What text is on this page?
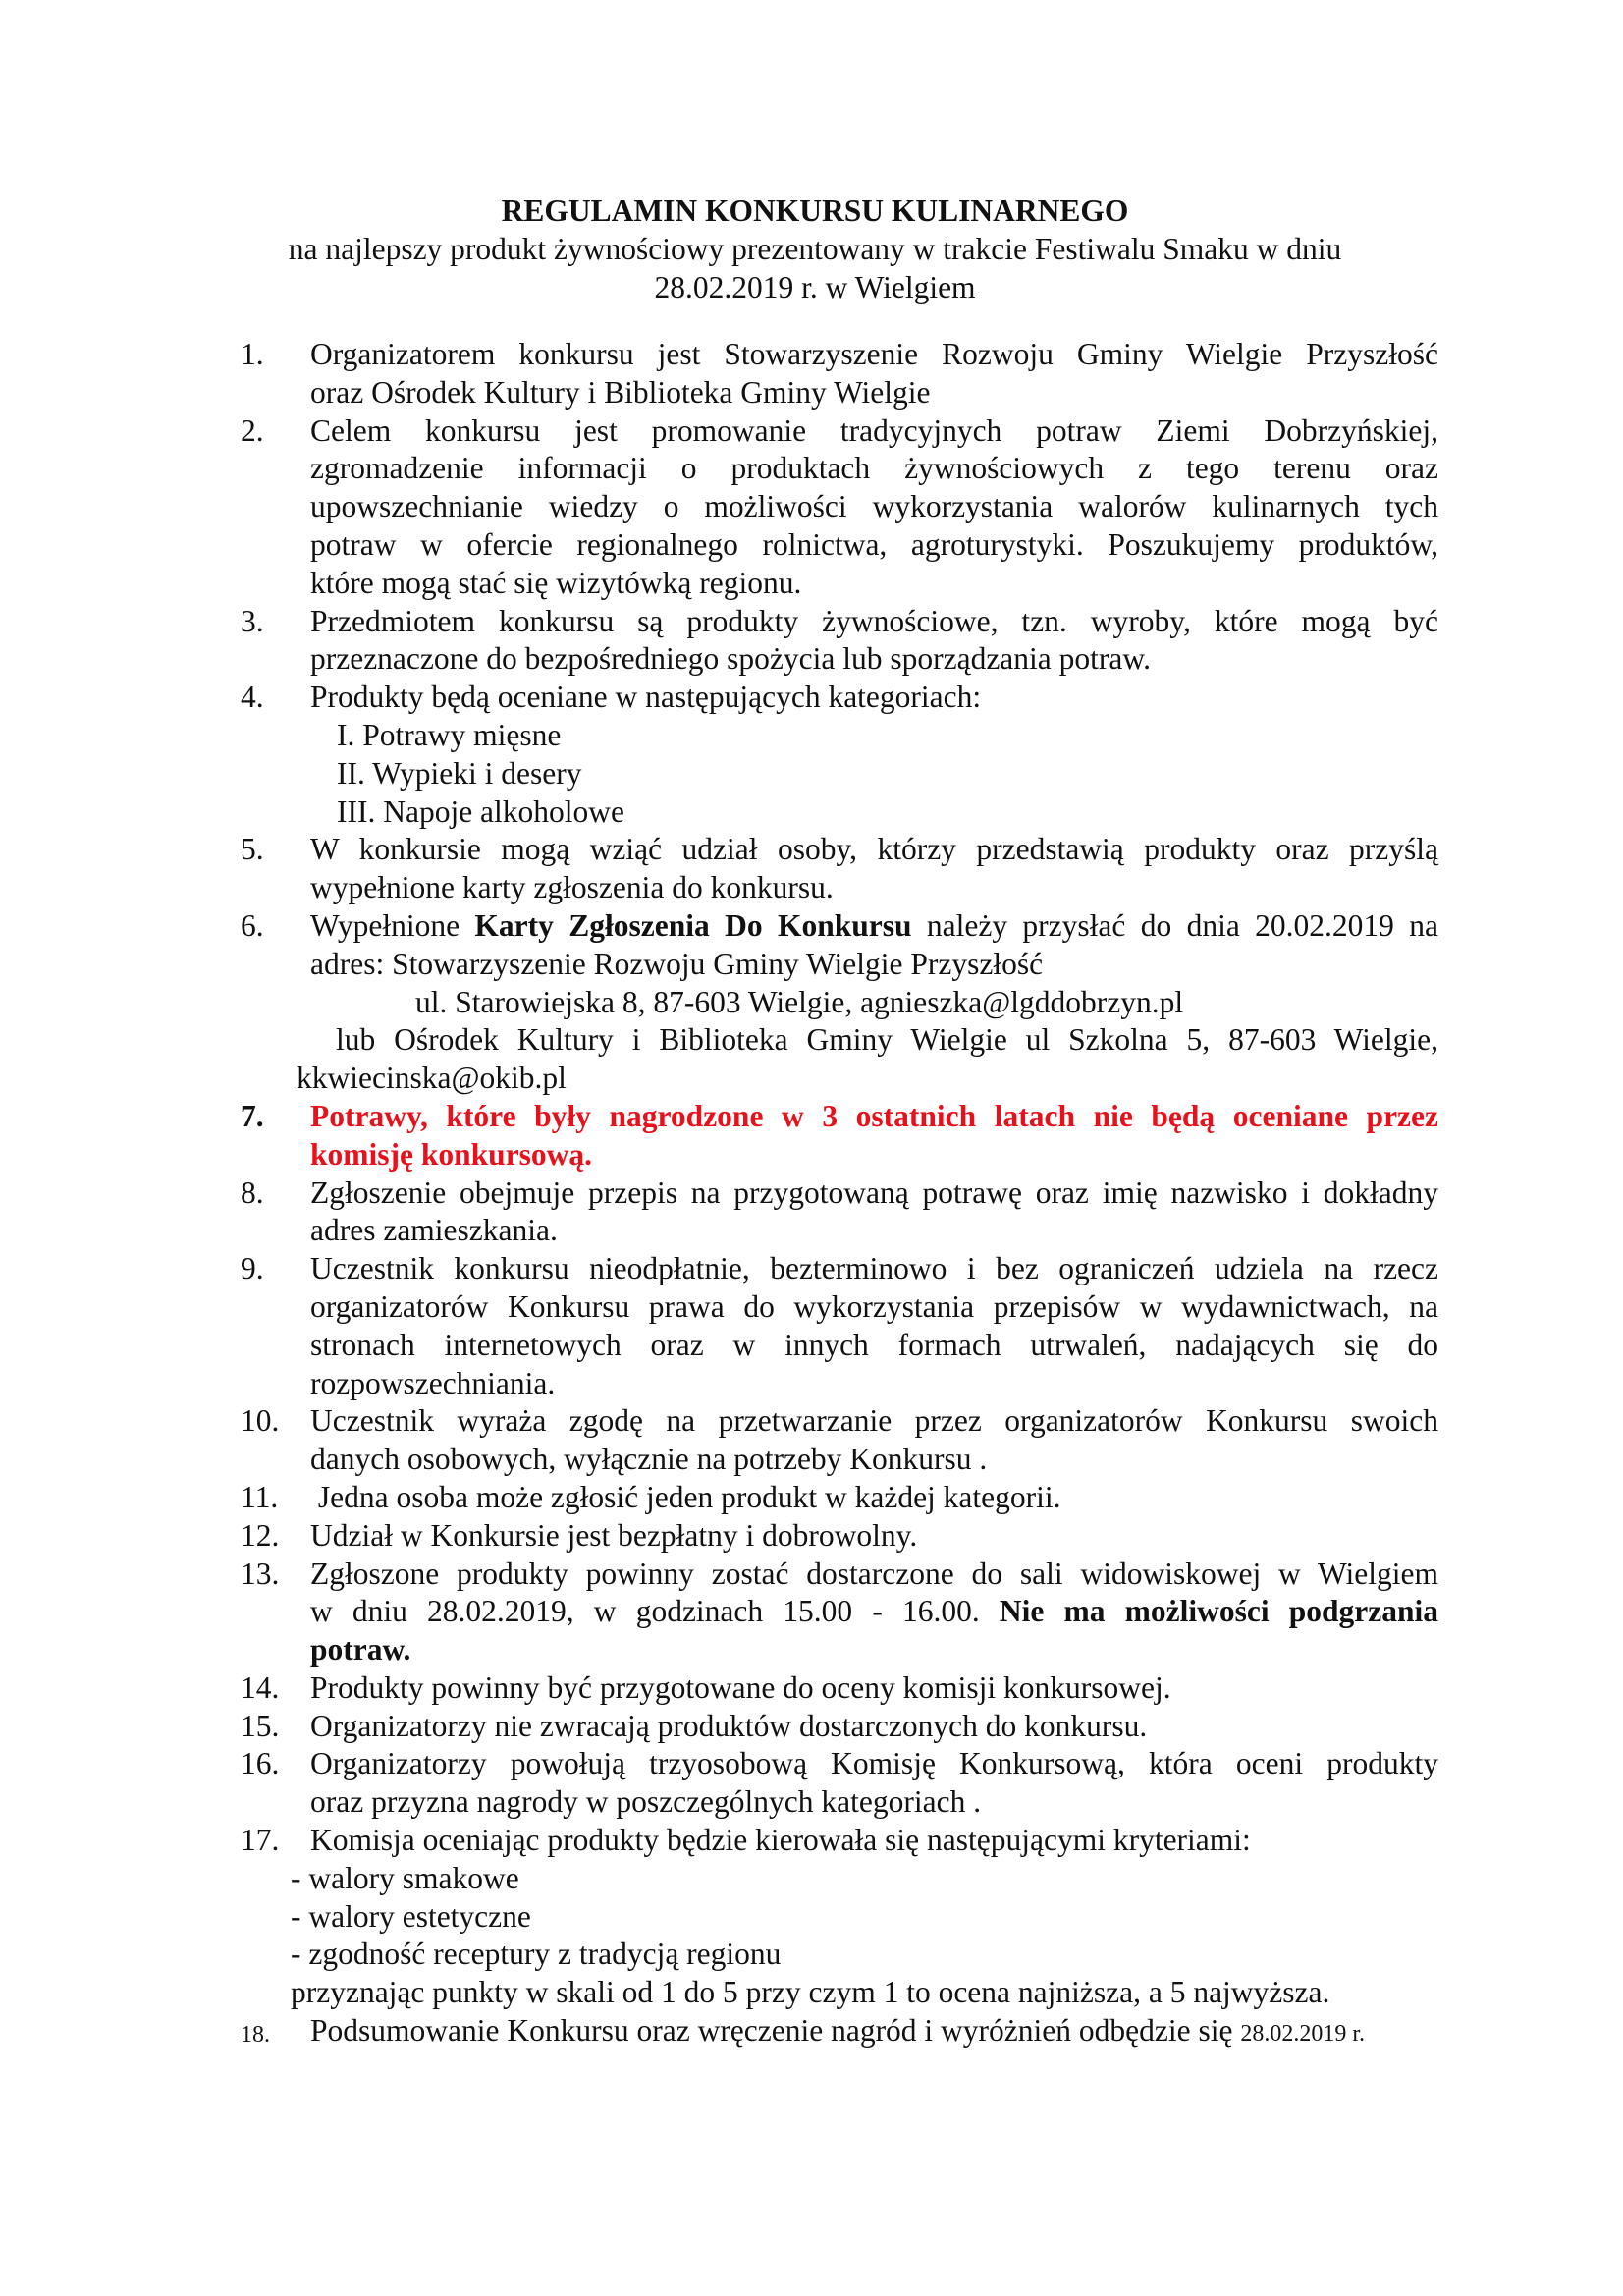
REGULAMIN KONKURSU KULINARNEGO
na najlepszy produkt żywnościowy prezentowany w trakcie Festiwalu Smaku w dniu
28.02.2019 r. w Wielgiem
1. Organizatorem konkursu jest Stowarzyszenie Rozwoju Gminy Wielgie Przyszłość
oraz Ośrodek Kultury i Biblioteka Gminy Wielgie
2. Celem konkursu jest promowanie tradycyjnych potraw Ziemi Dobrzyńskiej,
zgromadzenie informacji o produktach żywnościowych z tego terenu oraz
upowszechnianie wiedzy o możliwości wykorzystania walorów kulinarnych tych
potraw w ofercie regionalnego rolnictwa, agroturystyki. Poszukujemy produktów,
które mogą stać się wizytówką regionu.
3. Przedmiotem konkursu są produkty żywnościowe, tzn. wyroby, które mogą być
przeznaczone do bezpośredniego spożycia lub sporządzania potraw.
4. Produkty będą oceniane w następujących kategoriach:
I. Potrawy mięsne
II. Wypieki i desery
III. Napoje alkoholowe
5. W konkursie mogą wziąć udział osoby, którzy przedstawią produkty oraz przyślą
wypełnione karty zgłoszenia do konkursu.
6. Wypełnione Karty Zgłoszenia Do Konkursu należy przysłać do dnia 20.02.2019 na
adres: Stowarzyszenie Rozwoju Gminy Wielgie Przyszłość
ul. Starowiejska 8, 87-603 Wielgie, agnieszka@lgddobrzyn.pl
lub Ośrodek Kultury i Biblioteka Gminy Wielgie ul Szkolna 5, 87-603 Wielgie,
kkwiecinska@okib.pl
7. Potrawy, które były nagrodzone w 3 ostatnich latach nie będą oceniane przez
komisję konkursową.
8. Zgłoszenie obejmuje przepis na przygotowaną potrawę oraz imię nazwisko i dokładny
adres zamieszkania.
9. Uczestnik konkursu nieodpłatnie, bezterminowo i bez ograniczeń udziela na rzecz
organizatorów Konkursu prawa do wykorzystania przepisów w wydawnictwach, na
stronach internetowych oraz w innych formach utrwaleń, nadających się do
rozpowszechniania.
10. Uczestnik wyraża zgodę na przetwarzanie przez organizatorów Konkursu swoich
danych osobowych, wyłącznie na potrzeby Konkursu .
11. Jedna osoba może zgłosić jeden produkt w każdej kategorii.
12. Udział w Konkursie jest bezpłatny i dobrowolny.
13. Zgłoszone produkty powinny zostać dostarczone do sali widowiskowej w Wielgiem
w dniu 28.02.2019, w godzinach 15.00 - 16.00. Nie ma możliwości podgrzania
potraw.
14. Produkty powinny być przygotowane do oceny komisji konkursowej.
15. Organizatorzy nie zwracają produktów dostarczonych do konkursu.
16. Organizatorzy powołują trzyosobową Komisję Konkursową, która oceni produkty
oraz przyzna nagrody w poszczególnych kategoriach .
17. Komisja oceniając produkty będzie kierowała się następującymi kryteriami:
- walory smakowe
- walory estetyczne
- zgodność receptury z tradycją regionu
przyznając punkty w skali od 1 do 5 przy czym 1 to ocena najniższa, a 5 najwyższa.
18. Podsumowanie Konkursu oraz wręczenie nagród i wyróżnień odbędzie się 28.02.2019 r.
